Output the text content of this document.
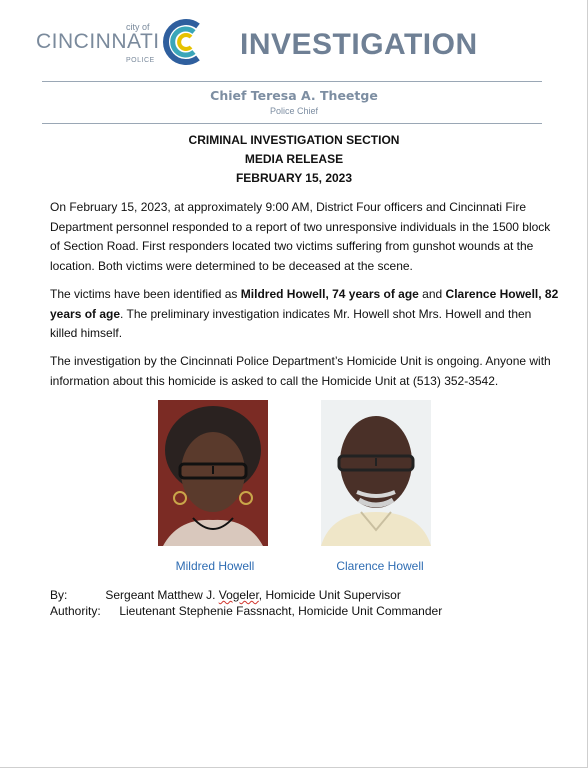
city of
CINCINNATI
POLICE	INVESTIGATION
Chief Teresa A. Theetge
Police Chief
CRIMINAL INVESTIGATION SECTION
MEDIA RELEASE
FEBRUARY 15, 2023
On February 15, 2023, at approximately 9:00 AM, District Four officers and Cincinnati Fire Department personnel responded to a report of two unresponsive individuals in the 1500 block of Section Road. First responders located two victims suffering from gunshot wounds at the location. Both victims were determined to be deceased at the scene.
The victims have been identified as Mildred Howell, 74 years of age and Clarence Howell, 82 years of age. The preliminary investigation indicates Mr. Howell shot Mrs. Howell and then killed himself.
The investigation by the Cincinnati Police Department’s Homicide Unit is ongoing. Anyone with information about this homicide is asked to call the Homicide Unit at (513) 352-3542.
Mildred Howell	Clarence Howell
By:	Sergeant Matthew J. Vogeler, Homicide Unit Supervisor
Authority: Lieutenant Stephenie Fassnacht, Homicide Unit Commander
